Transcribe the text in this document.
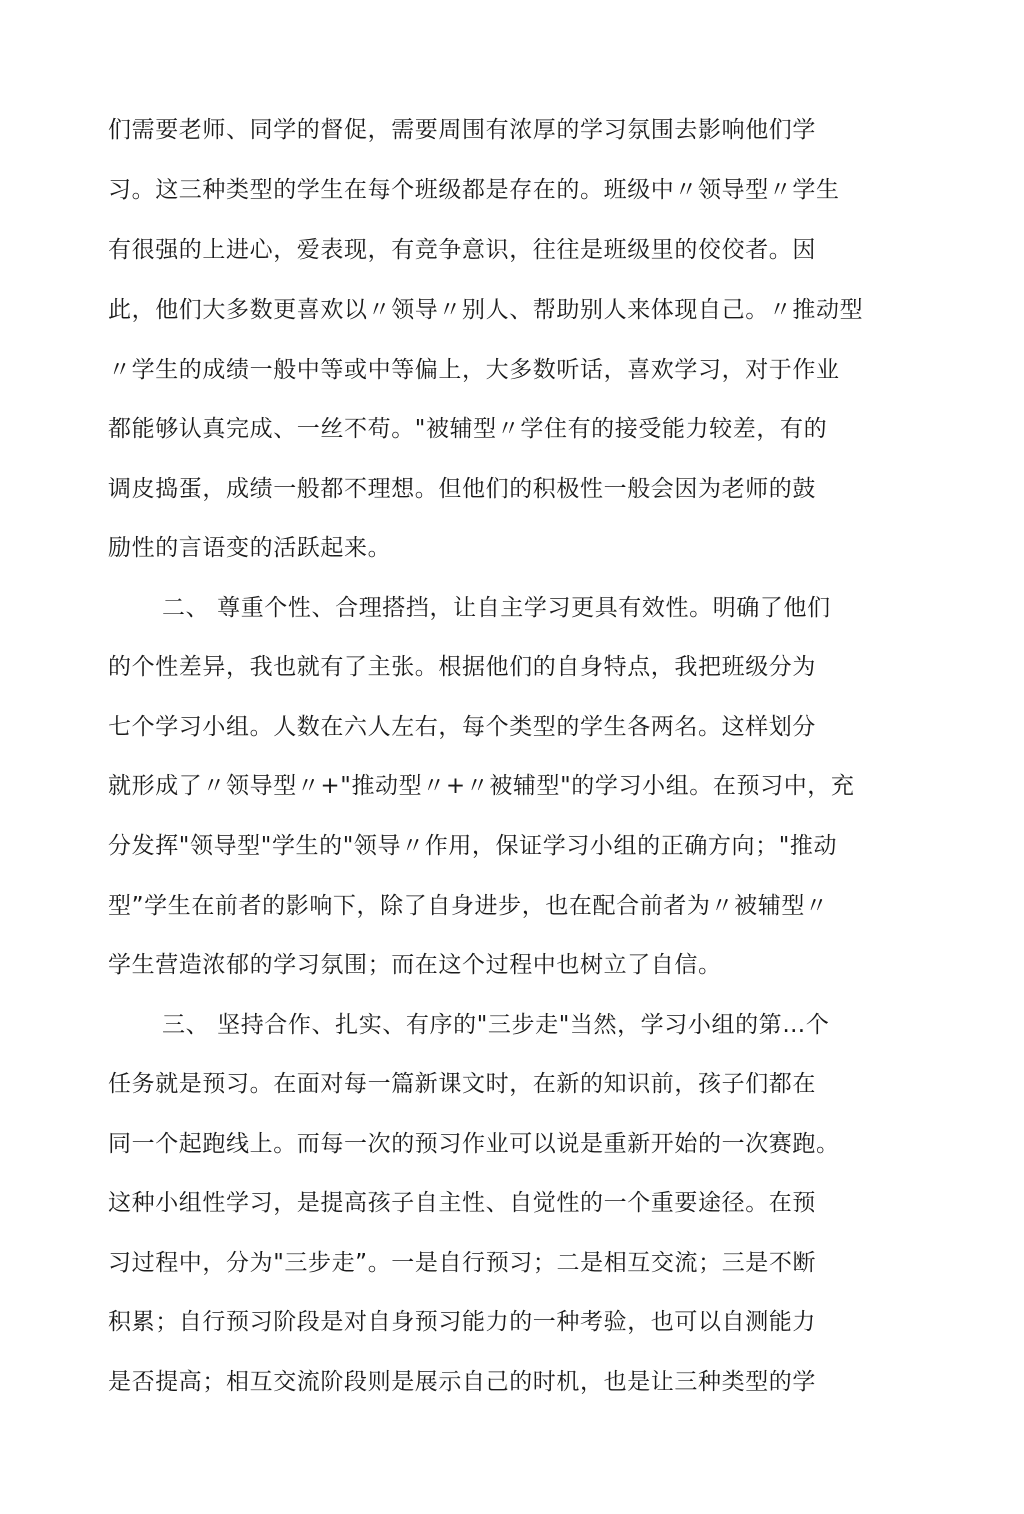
们需要老师、同学的督促，需要周围有浓厚的学习氛围去影响他们学
习。这三种类型的学生在每个班级都是存在的。班级中〃领导型〃学生
有很强的上进心，爱表现，有竞争意识，往往是班级里的佼佼者。因
此，他们大多数更喜欢以〃领导〃别人、帮助别人来体现自己。〃推动型
〃学生的成绩一般中等或中等偏上，大多数听话，喜欢学习，对于作业
都能够认真完成、一丝不苟。"被辅型〃学住有的接受能力较差，有的
调皮捣蛋，成绩一般都不理想。但他们的积极性一般会因为老师的鼓
励性的言语变的活跃起来。
二、 尊重个性、合理搭挡，让自主学习更具有效性。明确了他们
的个性差异，我也就有了主张。根据他们的自身特点，我把班级分为
七个学习小组。人数在六人左右，每个类型的学生各两名。这样划分
就形成了〃领导型〃+"推动型〃+〃被辅型"的学习小组。在预习中，充
分发挥"领导型"学生的"领导〃作用，保证学习小组的正确方向；"推动
型”学生在前者的影响下，除了自身进步，也在配合前者为〃被辅型〃
学生营造浓郁的学习氛围；而在这个过程中也树立了自信。
三、 坚持合作、扎实、有序的"三步走"当然，学习小组的第…个
任务就是预习。在面对每一篇新课文时，在新的知识前，孩子们都在
同一个起跑线上。而每一次的预习作业可以说是重新开始的一次赛跑。
这种小组性学习，是提高孩子自主性、自觉性的一个重要途径。在预
习过程中，分为"三步走”。一是自行预习；二是相互交流；三是不断
积累；自行预习阶段是对自身预习能力的一种考验，也可以自测能力
是否提高；相互交流阶段则是展示自己的时机，也是让三种类型的学
